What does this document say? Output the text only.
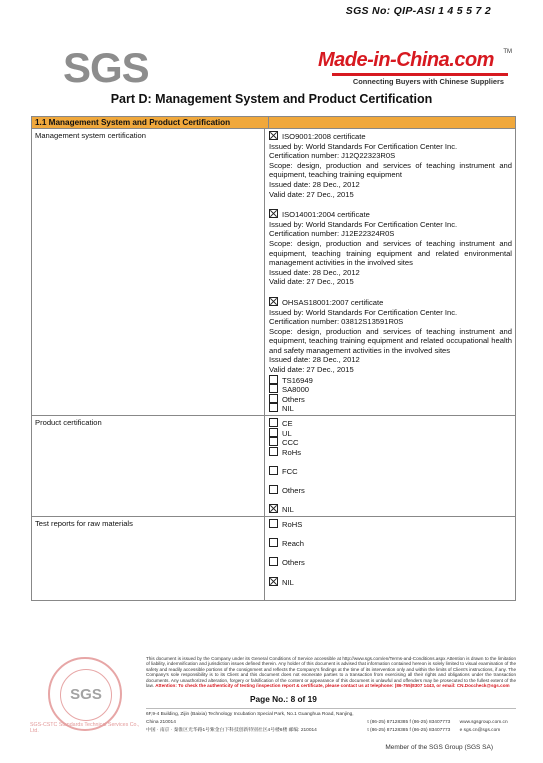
SGS No: QIP-ASI 1 4 5 5 7 2
SGS	Made-in-China.com	TM
Connecting Buyers with Chinese Suppliers
Part D: Management System and Product Certification
1.1 Management System and Product Certification
Management system certification	ISO9001:2008 certificate

Issued by: World Standards For Certification Center Inc.

Certification number: J12Q22323R0S

Scope: design, production and services of teaching instrument and equipment, teaching training equipment

Issued date: 28 Dec., 2012

Valid date: 27 Dec., 2015

ISO14001:2004 certificate

Issued by: World Standards For Certification Center Inc.

Certification number: J12E22324R0S

Scope: design, production and services of teaching instrument and equipment, teaching training equipment and related environmental management activities in the involved sites

Issued date: 28 Dec., 2012

Valid date: 27 Dec., 2015

OHSAS18001:2007 certificate

Issued by: World Standards For Certification Center Inc.

Certification number: 03812S13591R0S

Scope: design, production and services of teaching instrument and equipment, teaching training equipment and related occupational health and safety management activities in the involved sites

Issued date: 28 Dec., 2012

Valid date: 27 Dec., 2015

TS16949
SA8000
Others
NIL
Product certification	CE
UL
CCC
RoHs
FCC
Others
NIL
Test reports for raw materials	RoHS
Reach
Others
NIL
SGS
SGS-CSTC Standards Technical Services Co., Ltd.
This document is issued by the Company under its General Conditions of Service accessible at http://www.sgs.com/en/Terms-and-Conditions.aspx Attention is drawn to the limitation of liability, indemnification and jurisdiction issues defined therein. Any holder of this document is advised that information contained hereon is solely limited to visual examination of the safety and readily accessible portions of the consignment and reflects the Company's findings at the time of its intervention only and within the limits of Client's instructions, if any. The Company's sole responsibility is to its Client and this document does not exonerate parties to a transaction from exercising all their rights and obligations under the transaction documents. Any unauthorized alteration, forgery or falsification of the content or appearance of this document is unlawful and offenders may be prosecuted to the fullest extent of the law. Attention: To check the authenticity of testing /inspection report & certificate, please contact us at telephone: (86-755)8307 1443, or email: CN.Doccheck@sgs.com
Page No.: 8 of 19
6F,9-4 Building, Zijin (Baixia) Technology Incubation Special Park, No.1 Guanghua Road, Nanjing, China 210014	t (86-25) 87128385 f (86-25) 83407773 www.sgsgroup.com.cn
中国 · 南京 · 秦淮区光华路1号紫金白下科技创新特别社区4号楼6楼 邮编: 210014	t (86-25) 87128385 f (86-25) 83407773 e sgs.cn@sgs.com
Member of the SGS Group (SGS SA)
